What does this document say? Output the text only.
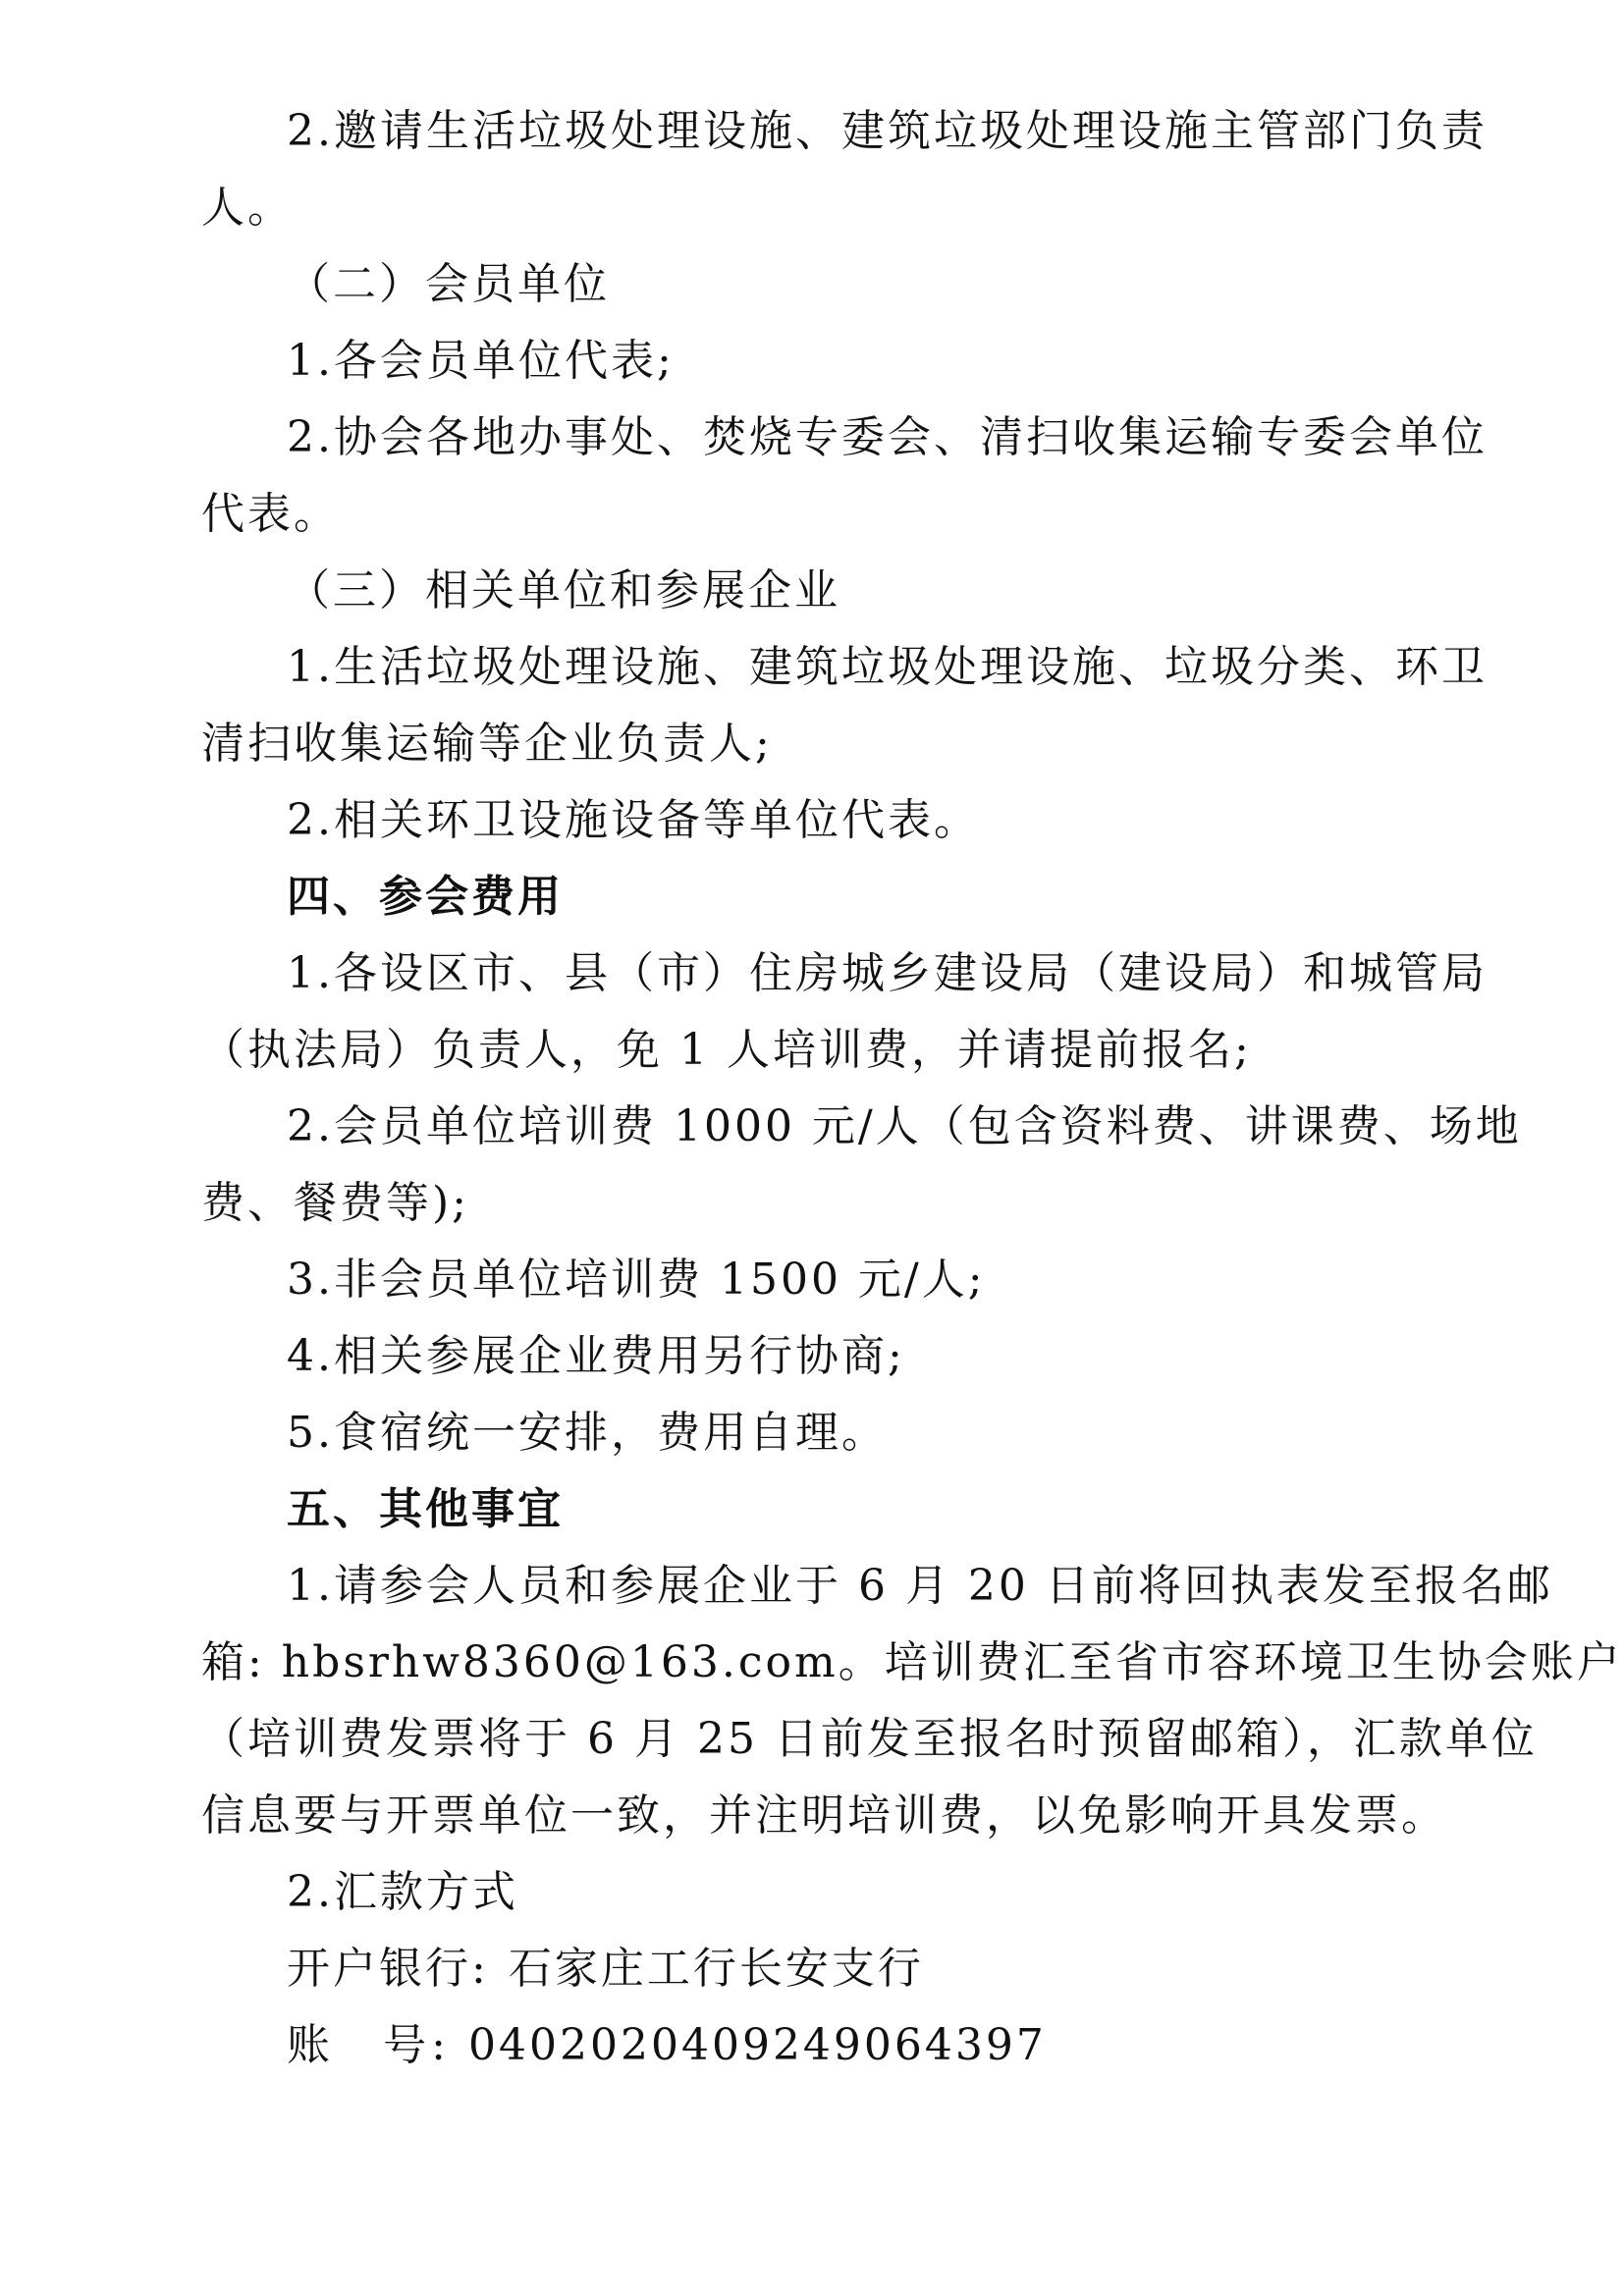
2.邀请生活垃圾处理设施、建筑垃圾处理设施主管部门负责
人。
（二）会员单位
1.各会员单位代表;
2.协会各地办事处、焚烧专委会、清扫收集运输专委会单位
代表。
（三）相关单位和参展企业
1.生活垃圾处理设施、建筑垃圾处理设施、垃圾分类、环卫
清扫收集运输等企业负责人;
2.相关环卫设施设备等单位代表。
四、参会费用
1.各设区市、县（市）住房城乡建设局（建设局）和城管局
（执法局）负责人，免 1 人培训费，并请提前报名;
2.会员单位培训费 1000 元/人（包含资料费、讲课费、场地
费、餐费等);
3.非会员单位培训费 1500 元/人;
4.相关参展企业费用另行协商;
5.食宿统一安排，费用自理。
五、其他事宜
1.请参会人员和参展企业于 6 月 20 日前将回执表发至报名邮
箱: hbsrhw8360@163.com。培训费汇至省市容环境卫生协会账户
（培训费发票将于 6 月 25 日前发至报名时预留邮箱），汇款单位
信息要与开票单位一致，并注明培训费，以免影响开具发票。
2.汇款方式
开户银行: 石家庄工行长安支行
账　号: 0402020409249064397
